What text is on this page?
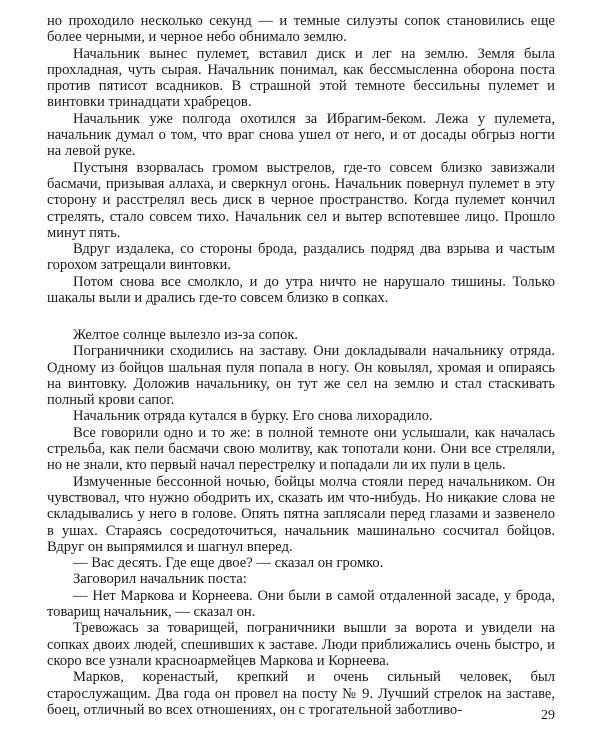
но проходило несколько секунд — и темные силуэты сопок становились еще более черными, и черное небо обнимало землю.

Начальник вынес пулемет, вставил диск и лег на землю. Земля была прохладная, чуть сырая. Начальник понимал, как бессмысленна оборона поста против пятисот всадников. В страшной этой темноте бессильны пулемет и винтовки тринадцати храбрецов.

Начальник уже полгода охотился за Ибрагим-беком. Лежа у пулемета, начальник думал о том, что враг снова ушел от него, и от досады обгрыз ногти на левой руке.

Пустыня взорвалась громом выстрелов, где-то совсем близко завизжали басмачи, призывая аллаха, и сверкнул огонь. Начальник повернул пулемет в эту сторону и расстрелял весь диск в черное пространство. Когда пулемет кончил стрелять, стало совсем тихо. Начальник сел и вытер вспотевшее лицо. Прошло минут пять.

Вдруг издалека, со стороны брода, раздались подряд два взрыва и частым горохом затрещали винтовки.

Потом снова все смолкло, и до утра ничто не нарушало тишины. Только шакалы выли и дрались где-то совсем близко в сопках.

Желтое солнце вылезло из-за сопок.

Пограничники сходились на заставу. Они докладывали начальнику отряда. Одному из бойцов шальная пуля попала в ногу. Он ковылял, хромая и опираясь на винтовку. Доложив начальнику, он тут же сел на землю и стал стаскивать полный крови сапог.

Начальник отряда кутался в бурку. Его снова лихорадило.

Все говорили одно и то же: в полной темноте они услышали, как началась стрельба, как пели басмачи свою молитву, как топотали кони. Они все стреляли, но не знали, кто первый начал перестрелку и попадали ли их пули в цель.

Измученные бессонной ночью, бойцы молча стояли перед начальником. Он чувствовал, что нужно ободрить их, сказать им что-нибудь. Но никакие слова не складывались у него в голове. Опять пятна заплясали перед глазами и зазвенело в ушах. Стараясь сосредоточиться, начальник машинально сосчитал бойцов. Вдруг он выпрямился и шагнул вперед.

— Вас десять. Где еще двое? — сказал он громко.

Заговорил начальник поста:

— Нет Маркова и Корнеева. Они были в самой отдаленной засаде, у брода, товарищ начальник, — сказал он.

Тревожась за товарищей, пограничники вышли за ворота и увидели на сопках двоих людей, спешивших к заставе. Люди приближались очень быстро, и скоро все узнали красноармейцев Маркова и Корнеева.

Марков, коренастый, крепкий и очень сильный человек, был старослужащим. Два года он провел на посту № 9. Лучший стрелок на заставе, боец, отличный во всех отношениях, он с трогательной заботливо-	29
